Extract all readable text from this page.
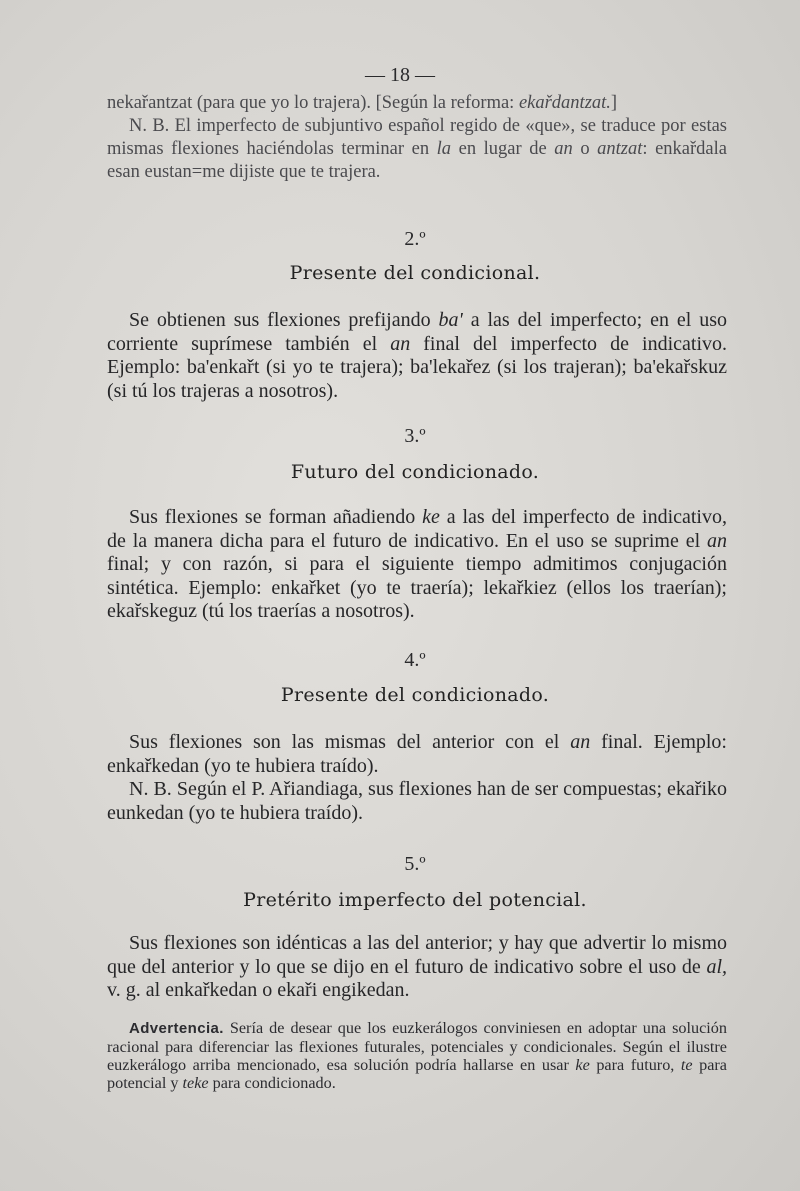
— 18 —

nekařantzat (para que yo lo trajera). [Según la reforma: ekařdantzat.]

N. B. El imperfecto de subjuntivo español regido de «que», se traduce por estas mismas flexiones haciéndolas terminar en la en lugar de an o antzat: enkařdala esan eustan=me dijiste que te trajera.

2.º
Presente del condicional.

Se obtienen sus flexiones prefijando ba' a las del imperfecto; en el uso corriente suprímese también el an final del imperfecto de indicativo. Ejemplo: ba'enkařt (si yo te trajera); ba'lekařez (si los trajeran); ba'ekařskuz (si tú los trajeras a nosotros).

3.º
Futuro del condicionado.

Sus flexiones se forman añadiendo ke a las del imperfecto de indicativo, de la manera dicha para el futuro de indicativo. En el uso se suprime el an final; y con razón, si para el siguiente tiempo admitimos conjugación sintética. Ejemplo: enkařket (yo te traería); lekařkiez (ellos los traerían); ekařskeguz (tú los traerías a nosotros).

4.º
Presente del condicionado.

Sus flexiones son las mismas del anterior con el an final. Ejemplo: enkařkedan (yo te hubiera traído).

N. B. Según el P. Ařiandiaga, sus flexiones han de ser compuestas; ekařiko eunkedan (yo te hubiera traído).

5.º
Pretérito imperfecto del potencial.

Sus flexiones son idénticas a las del anterior; y hay que advertir lo mismo que del anterior y lo que se dijo en el futuro de indicativo sobre el uso de al, v. g. al enkařkedan o ekaři engikedan.

Advertencia. Sería de desear que los euzkerálogos conviniesen en adoptar una solución racional para diferenciar las flexiones futurales, potenciales y condicionales. Según el ilustre euzkerálogo arriba mencionado, esa solución podría hallarse en usar ke para futuro, te para potencial y teke para condicionado.
